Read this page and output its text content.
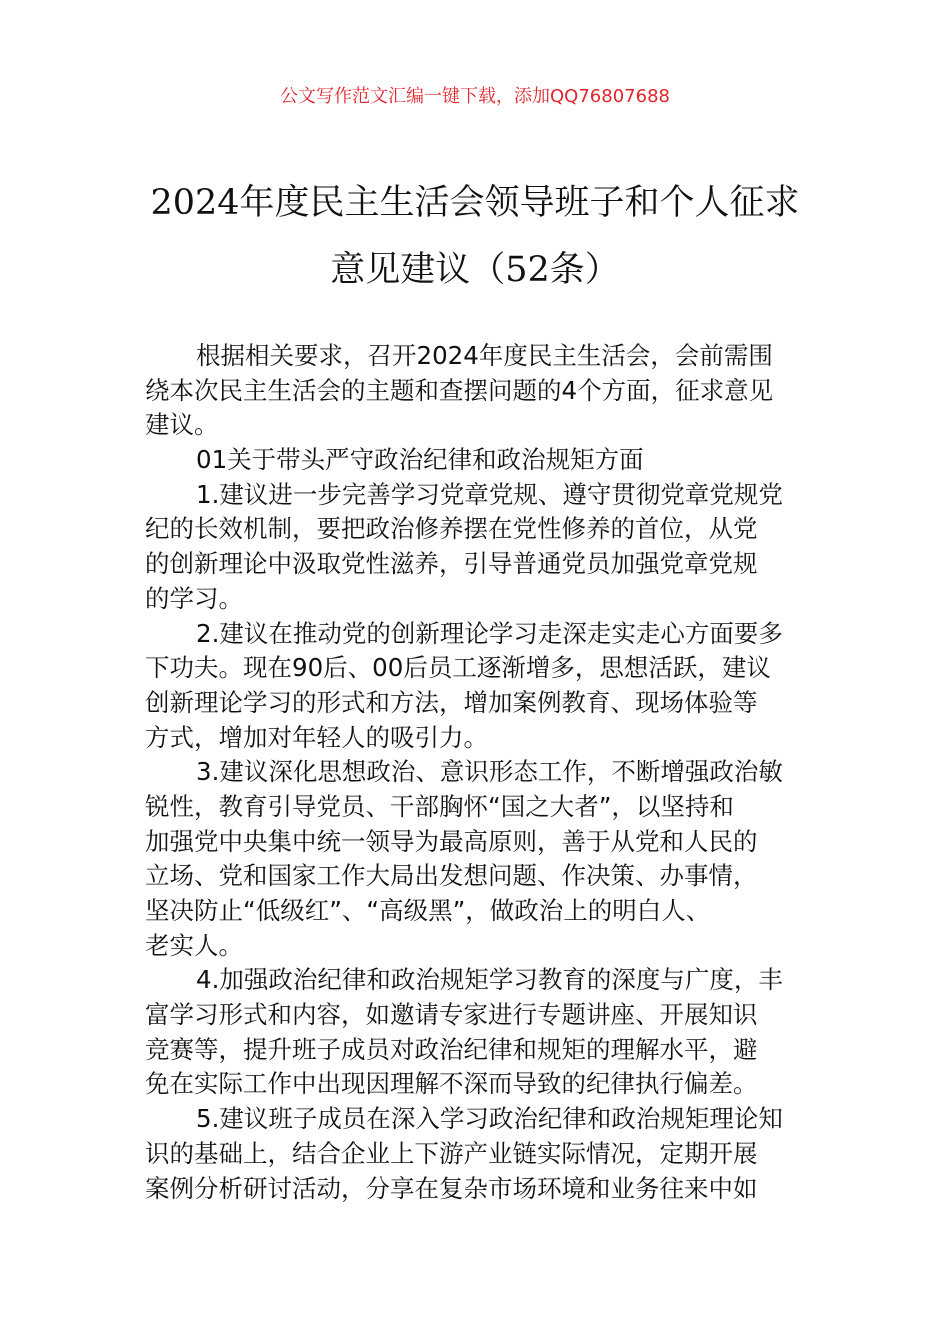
公文写作范文汇编一键下载，添加QQ76807688
2024年度民主生活会领导班子和个人征求
意见建议（52条）
根据相关要求，召开2024年度民主生活会，会前需围
绕本次民主生活会的主题和查摆问题的4个方面，征求意见
建议。
01关于带头严守政治纪律和政治规矩方面
1.建议进一步完善学习党章党规、遵守贯彻党章党规党
纪的长效机制，要把政治修养摆在党性修养的首位，从党
的创新理论中汲取党性滋养，引导普通党员加强党章党规
的学习。
2.建议在推动党的创新理论学习走深走实走心方面要多
下功夫。现在90后、00后员工逐渐增多，思想活跃，建议
创新理论学习的形式和方法，增加案例教育、现场体验等
方式，增加对年轻人的吸引力。
3.建议深化思想政治、意识形态工作，不断增强政治敏
锐性，教育引导党员、干部胸怀“国之大者”，以坚持和
加强党中央集中统一领导为最高原则，善于从党和人民的
立场、党和国家工作大局出发想问题、作决策、办事情，
坚决防止“低级红”、“高级黑”，做政治上的明白人、
老实人。
4.加强政治纪律和政治规矩学习教育的深度与广度，丰
富学习形式和内容，如邀请专家进行专题讲座、开展知识
竞赛等，提升班子成员对政治纪律和规矩的理解水平，避
免在实际工作中出现因理解不深而导致的纪律执行偏差。
5.建议班子成员在深入学习政治纪律和政治规矩理论知
识的基础上，结合企业上下游产业链实际情况，定期开展
案例分析研讨活动，分享在复杂市场环境和业务往来中如
